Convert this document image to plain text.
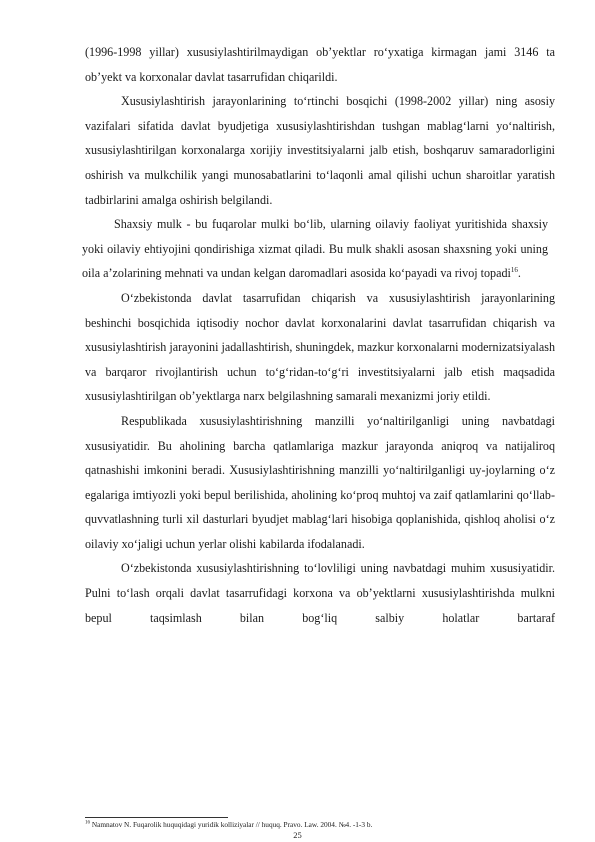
(1996-1998 yillar) xususiylashtirilmaydigan ob’yektlar ro‘yxatiga kirmagan jami 3146 ta ob’yekt va korxonalar davlat tasarrufidan chiqarildi.

Xususiylashtirish jarayonlarining to‘rtinchi bosqichi (1998-2002 yillar) ning asosiy vazifalari sifatida davlat byudjetiga xususiylashtirishdan tushgan mablag‘larni yo‘naltirish, xususiylashtirilgan korxonalarga xorijiy investitsiyalarni jalb etish, boshqaruv samaradorligini oshirish va mulkchilik yangi munosabatlarini to‘laqonli amal qilishi uchun sharoitlar yaratish tadbirlarini amalga oshirish belgilandi.

Shaxsiy mulk - bu fuqarolar mulki bo‘lib, ularning oilaviy faoliyat yuritishida shaxsiy yoki oilaviy ehtiyojini qondirishiga xizmat qiladi. Bu mulk shakli asosan shaxsning yoki uning oila a’zolarining mehnati va undan kelgan daromadlari asosida ko‘payadi va rivoj topadi$^{16}$.

O‘zbekistonda davlat tasarrufidan chiqarish va xususiylashtirish jarayonlarining beshinchi bosqichida iqtisodiy nochor davlat korxonalarini davlat tasarrufidan chiqarish va xususiylashtirish jarayonini jadallashtirish, shuningdek, mazkur korxonalarni modernizatsiyalash va barqaror rivojlantirish uchun to‘g‘ridan-to‘g‘ri investitsiyalarni jalb etish maqsadida xususiylashtirilgan ob’yektlarga narx belgilashning samarali mexanizmi joriy etildi.

Respublikada xususiylashtirishning manzilli yo‘naltirilganligi uning navbatdagi xususiyatidir. Bu aholining barcha qatlamlariga mazkur jarayonda aniqroq va natijaliroq qatnashishi imkonini beradi. Xususiylashtirishning manzilli yo‘naltirilganligi uy-joylarning o‘z egalariga imtiyozli yoki bepul berilishida, aholining ko‘proq muhtoj va zaif qatlamlarini qo‘llab-quvvatlashning turli xil dasturlari byudjet mablag‘lari hisobiga qoplanishida, qishloq aholisi o‘z oilaviy xo‘jaligi uchun yerlar olishi kabilarda ifodalanadi.

O‘zbekistonda xususiylashtirishning to‘lovliligi uning navbatdagi muhim xususiyatidir. Pulni to‘lash orqali davlat tasarrufidagi korxona va ob’yektlarni xususiylashtirishda mulkni bepul taqsimlash bilan bog‘liq salbiy holatlar bartaraf

$^{16}$ Namnatov N. Fuqarolik huquqidagi yuridik kolliziyalar // huquq. Pravo. Law. 2004. №4. -1-3 b.
25
